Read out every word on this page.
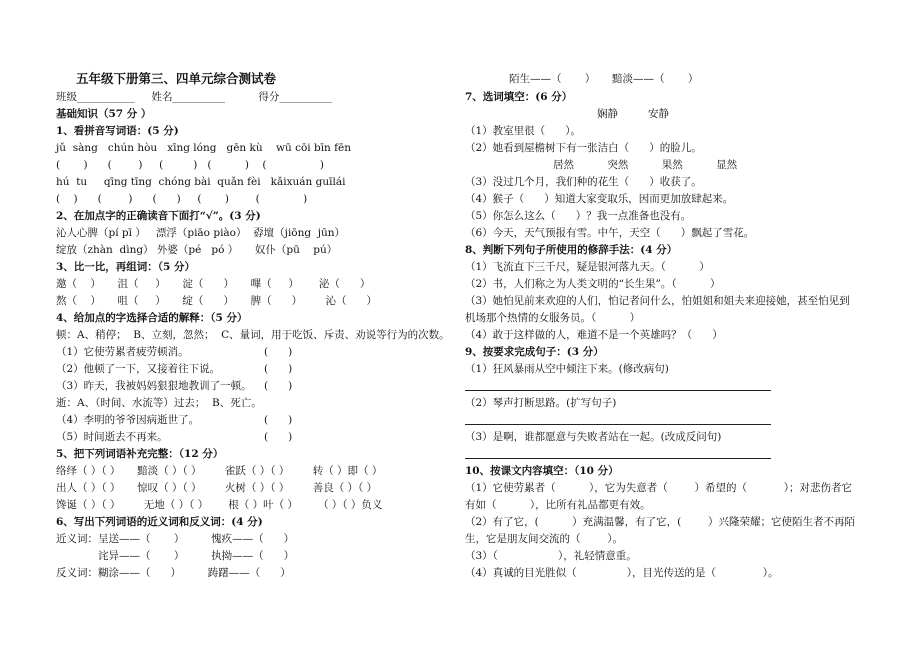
五年级下册第三、四单元综合测试卷
班级___________     姓名__________          得分__________
基础知识（57 分 ）
1、看拼音写词语：(5 分)
jǔ  sàng   chún hòu   xīng lóng   gēn kù    wū cōi bīn fēn
(       )      (        )     (         )   (          )    (                )
hú  tu     qīng tīng  chóng bài  quǎn fèi   kǎixuán guīlái
(    )      (        )      (      )     (       )        (             )
2、在加点字的正确读音下面打“√”。(3 分)
沁人心脾（pí pī ）   漂浮（piāo piào）  孬壇（jiōng  jūn）
绽放（zhàn  dìng） 外婆（pé   pó ）     奴仆（pū    pú）
3、比一比，再组词：（5 分）
邀（    ）     沮（     ）     淀（      ）     嗶（     ）      泌（      ）
熬（    ）     咀（     ）     绽（      ）     脾（      ）       沁（      ）
4、给加点的字选择合适的解释：（5 分）
顿：A、稍停；  B、立刻，忽然；  C、量词，用于吃饭、斥责、劝说等行为的次数。
（1）它使劳累者疲劳顿消。	(      )
（2）他顿了一下，又接着往下说。	(      )
（3）昨天，我被妈妈狠狠地教训了一顿。 (      )
逝：A、（时间、水流等）过去；  B、死亡。
（4）李明的爷爷因病逝世了。	(      )
（5）时间逝去不再来。	(      )
5、把下列词语补充完整：（12 分）
络绎（ ）（ ）     黯淡（ ）（ ）       雀跃（ ）（ ）       转（ ）即（ ）
出人（ ）（ ）     惊叹（ ）（ ）       火树（ ）（ ）       善良（ ）（ ）
馋诞（ ）（ ）       无地（ ）（ ）      根（ ）叶（ ）      （ ）（ ）负义
6、写出下列词语的近义词和反义词：(4 分)
近义词：呈送——（       ）        愧疚——（      ）
诧异——（       ）        执拗——（      ）
反义词：糊涂——（      ）        踌躇——（      ）
陌生——（       ）     黯淡——（       ）
7、选词填空：(6 分）
娴静         安静
（1）教室里很（      ）。
（2）她看到屋檐树下有一张洁白（      ）的脸儿。
居然          突然          果然          显然
（3）没过几个月，我们种的花生（      ）收获了。
（4）猴子（      ）知道大家变取乐，因而更加放肆起来。
（5）你怎么这么（      ）？我一点准备也没有。
（6）今天，天气预报有雪。中午，天空（      ）飘起了雪花。
8、判断下列句子所使用的修辞手法：(4 分）
（1）飞流直下三千尺，疑是银河落九天。（          ）
（2）书，人们称之为人类文明的“长生果”。（          ）
（3）她怕见前来欢迎的人们，怕记者问什么，怕姐姐和姐夫来迎接她，甚至怕见到
机场那个热情的女服务员。（          ）
（4）敢于这样做的人，难道不是一个英雄吗？（      ）
9、按要求完成句子：(3 分）
（1）狂风暴雨从空中倾注下来。(修改病句)
（2）琴声打断思路。(扩写句子)
（3）是啊，谁都愿意与失败者站在一起。(改成反问句)
10、按课文内容填空：（10 分）
（1）它使劳累者（          ），它为失意者（        ）希望的（           ）；对悲伤者它
有如（          ），比所有礼品都更有效。
（2）有了它，(          ）充满温馨，有了它，(        ）兴隆荣耀；它使陌生者不再陌
生，它是朋友间交流的（        ）。
（3）（                  ），礼轻情意重。
（4）真诚的目光胜似（               ），目光传送的是（              ）。
